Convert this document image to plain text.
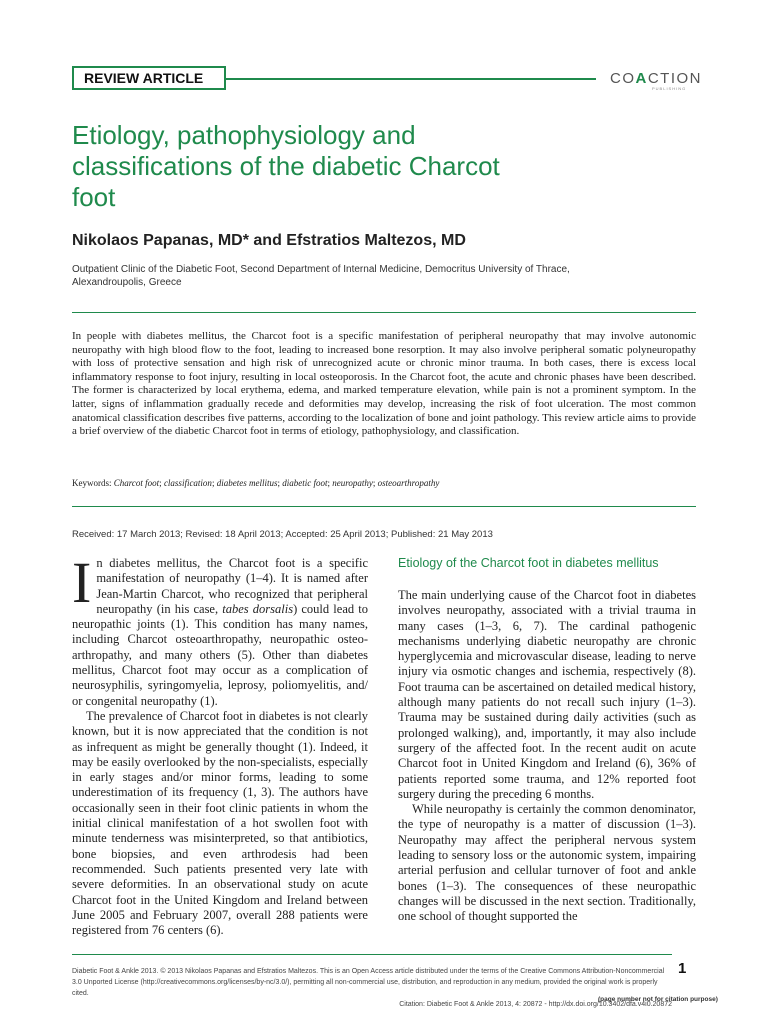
REVIEW ARTICLE	COACTION
PUBLISHING
Etiology, pathophysiology and classifications of the diabetic Charcot foot
Nikolaos Papanas, MD* and Efstratios Maltezos, MD
Outpatient Clinic of the Diabetic Foot, Second Department of Internal Medicine, Democritus University of Thrace, Alexandroupolis, Greece
In people with diabetes mellitus, the Charcot foot is a specific manifestation of peripheral neuropathy that may involve autonomic neuropathy with high blood flow to the foot, leading to increased bone resorption. It may also involve peripheral somatic polyneuropathy with loss of protective sensation and high risk of unrecognized acute or chronic minor trauma. In both cases, there is excess local inflammatory response to foot injury, resulting in local osteoporosis. In the Charcot foot, the acute and chronic phases have been described. The former is characterized by local erythema, edema, and marked temperature elevation, while pain is not a prominent symptom. In the latter, signs of inflammation gradually recede and deformities may develop, increasing the risk of foot ulceration. The most common anatomical classification describes five patterns, according to the localization of bone and joint pathology. This review article aims to provide a brief overview of the diabetic Charcot foot in terms of etiology, pathophysiology, and classification.
Keywords: Charcot foot; classification; diabetes mellitus; diabetic foot; neuropathy; osteoarthropathy
Received: 17 March 2013; Revised: 18 April 2013; Accepted: 25 April 2013; Published: 21 May 2013

In diabetes mellitus, the Charcot foot is a specific manifestation of neuropathy (1–4). It is named after Jean-Martin Charcot, who recognized that peripheral neuropathy (in his case, tabes dorsalis) could lead to neuropathic joints (1). This condition has many names, including Charcot osteoarthropathy, neuropathic osteo-arthropathy, and many others (5). Other than diabetes mellitus, Charcot foot may occur as a complication of neurosyphilis, syringomyelia, leprosy, poliomyelitis, and/ or congenital neuropathy (1).

The prevalence of Charcot foot in diabetes is not clearly known, but it is now appreciated that the condition is not as infrequent as might be generally thought (1). Indeed, it may be easily overlooked by the non-specialists, especially in early stages and/or minor forms, leading to some underestimation of its frequency (1, 3). The authors have occasionally seen in their foot clinic patients in whom the initial clinical manifestation of a hot swollen foot with minute tenderness was misinterpreted, so that antibiotics, bone biopsies, and even arthrodesis had been recommended. Such patients presented very late with severe deformities. In an observational study on acute Charcot foot in the United Kingdom and Ireland between June 2005 and February 2007, overall 288 patients were registered from 76 centers (6).

Etiology of the Charcot foot in diabetes mellitus

The main underlying cause of the Charcot foot in diabetes involves neuropathy, associated with a trivial trauma in many cases (1–3, 6, 7). The cardinal pathogenic mechanisms underlying diabetic neuropathy are chronic hyperglycemia and microvascular disease, leading to nerve injury via osmotic changes and ischemia, respectively (8). Foot trauma can be ascertained on detailed medical history, although many patients do not recall such injury (1–3). Trauma may be sustained during daily activities (such as prolonged walking), and, importantly, it may also include surgery of the affected foot. In the recent audit on acute Charcot foot in United Kingdom and Ireland (6), 36% of patients reported some trauma, and 12% reported foot surgery during the preceding 6 months.

While neuropathy is certainly the common denominator, the type of neuropathy is a matter of discussion (1–3). Neuropathy may affect the peripheral nervous system leading to sensory loss or the autonomic system, impairing arterial perfusion and cellular turnover of foot and ankle bones (1–3). The consequences of these neuropathic changes will be discussed in the next section. Traditionally, one school of thought supported the

Diabetic Foot & Ankle 2013. © 2013 Nikolaos Papanas and Efstratios Maltezos. This is an Open Access article distributed under the terms of the Creative Commons Attribution-Noncommercial 3.0 Unported License (http://creativecommons.org/licenses/by-nc/3.0/), permitting all non-commercial use, distribution, and reproduction in any medium, provided the original work is properly cited.
Citation: Diabetic Foot & Ankle 2013, 4: 20872 - http://dx.doi.org/10.3402/dfa.v4i0.20872
1
(page number not for citation purpose)
